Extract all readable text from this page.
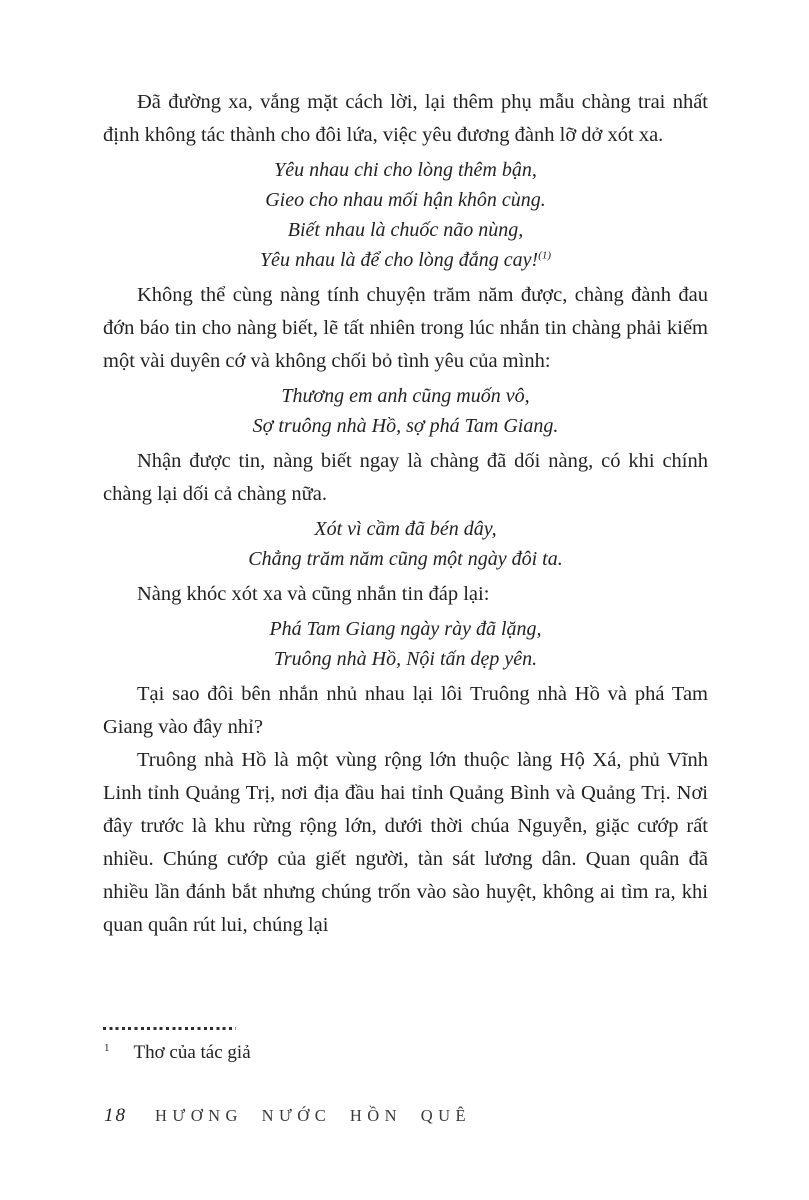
Đã đường xa, vắng mặt cách lời, lại thêm phụ mẫu chàng trai nhất định không tác thành cho đôi lứa, việc yêu đương đành lỡ dở xót xa.

Yêu nhau chi cho lòng thêm bận,
Gieo cho nhau mối hận khôn cùng.
Biết nhau là chuốc não nùng,
Yêu nhau là để cho lòng đắng cay!$^{(1)}$

Không thể cùng nàng tính chuyện trăm năm được, chàng đành đau đớn báo tin cho nàng biết, lẽ tất nhiên trong lúc nhắn tin chàng phải kiếm một vài duyên cớ và không chối bỏ tình yêu của mình:

Thương em anh cũng muốn vô,
Sợ truông nhà Hồ, sợ phá Tam Giang.

Nhận được tin, nàng biết ngay là chàng đã dối nàng, có khi chính chàng lại dối cả chàng nữa.

Xót vì cầm đã bén dây,
Chẳng trăm năm cũng một ngày đôi ta.

Nàng khóc xót xa và cũng nhắn tin đáp lại:

Phá Tam Giang ngày rày đã lặng,
Truông nhà Hồ, Nội tấn dẹp yên.

Tại sao đôi bên nhắn nhủ nhau lại lôi Truông nhà Hồ và phá Tam Giang vào đây nhỉ?

Truông nhà Hồ là một vùng rộng lớn thuộc làng Hộ Xá, phủ Vĩnh Linh tỉnh Quảng Trị, nơi địa đầu hai tỉnh Quảng Bình và Quảng Trị. Nơi đây trước là khu rừng rộng lớn, dưới thời chúa Nguyễn, giặc cướp rất nhiều. Chúng cướp của giết người, tàn sát lương dân. Quan quân đã nhiều lần đánh bắt nhưng chúng trốn vào sào huyệt, không ai tìm ra, khi quan quân rút lui, chúng lại

$^1$ Thơ của tác giả
18 HƯƠNG NƯỚC HỒN QUÊ
